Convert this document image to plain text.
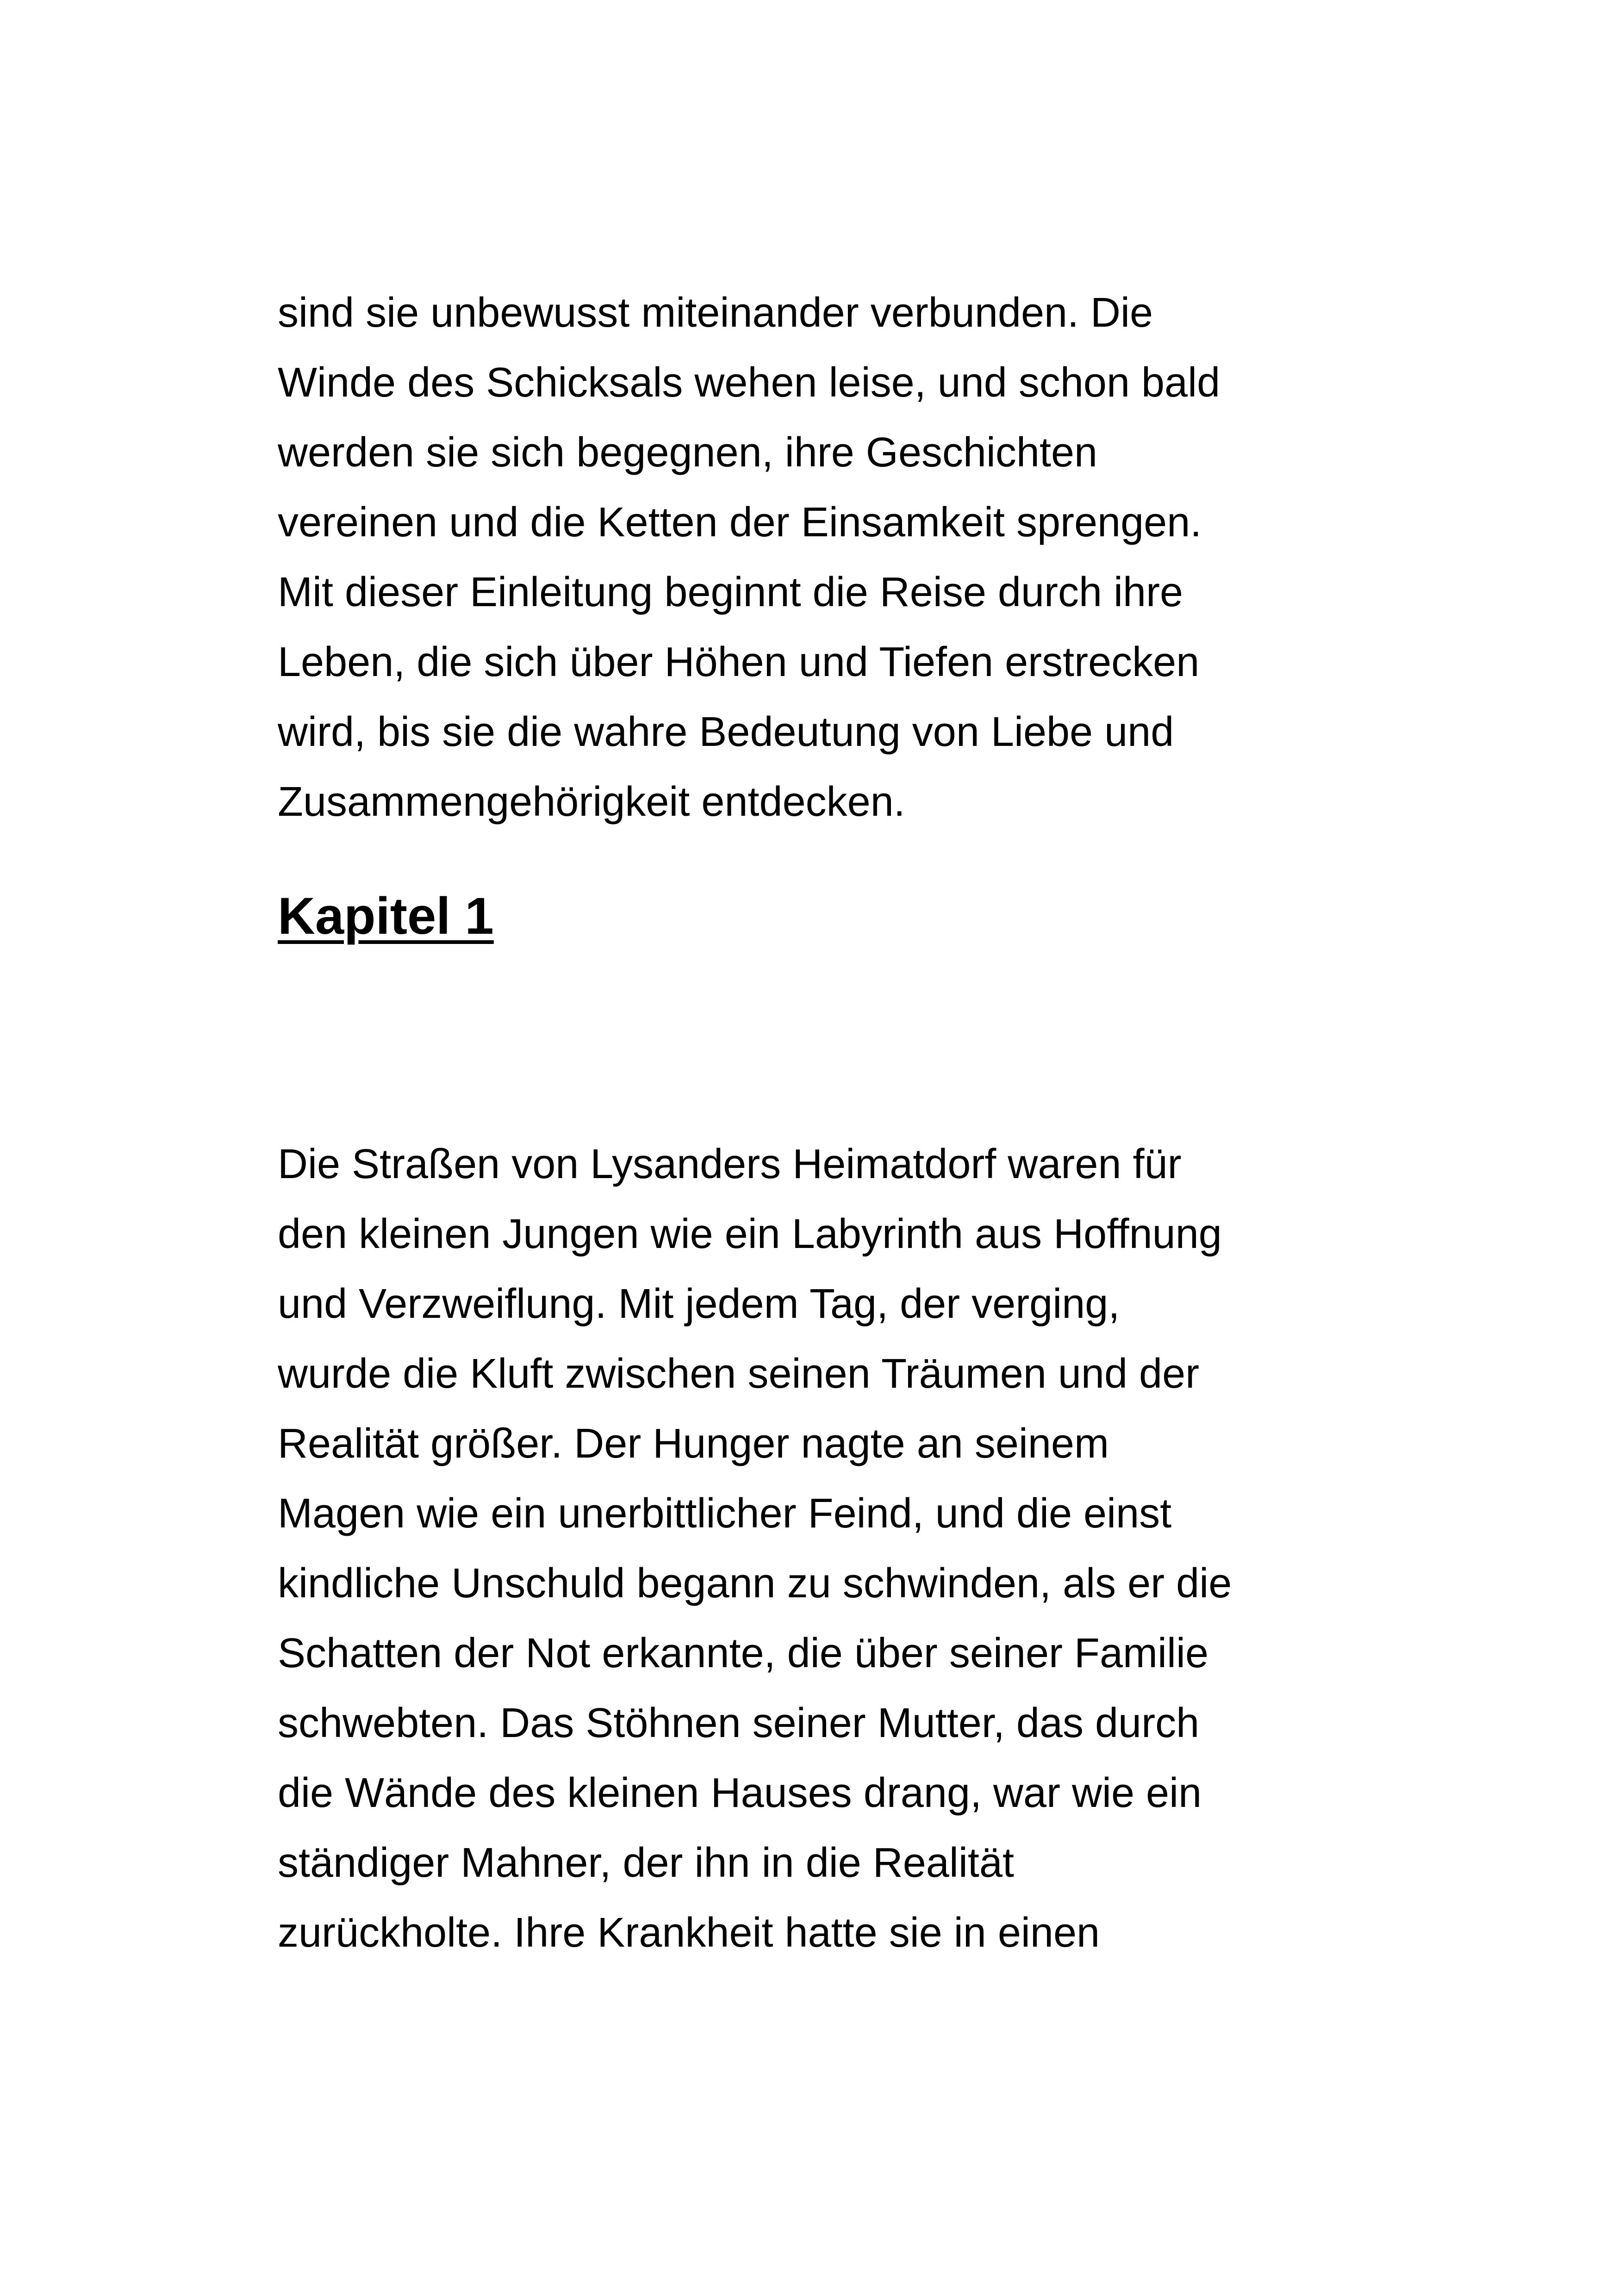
sind sie unbewusst miteinander verbunden. Die
Winde des Schicksals wehen leise, und schon bald
werden sie sich begegnen, ihre Geschichten
vereinen und die Ketten der Einsamkeit sprengen.
Mit dieser Einleitung beginnt die Reise durch ihre
Leben, die sich über Höhen und Tiefen erstrecken
wird, bis sie die wahre Bedeutung von Liebe und
Zusammengehörigkeit entdecken.
Kapitel 1
Die Straßen von Lysanders Heimatdorf waren für
den kleinen Jungen wie ein Labyrinth aus Hoffnung
und Verzweiflung. Mit jedem Tag, der verging,
wurde die Kluft zwischen seinen Träumen und der
Realität größer. Der Hunger nagte an seinem
Magen wie ein unerbittlicher Feind, und die einst
kindliche Unschuld begann zu schwinden, als er die
Schatten der Not erkannte, die über seiner Familie
schwebten. Das Stöhnen seiner Mutter, das durch
die Wände des kleinen Hauses drang, war wie ein
ständiger Mahner, der ihn in die Realität
zurückholte. Ihre Krankheit hatte sie in einen
